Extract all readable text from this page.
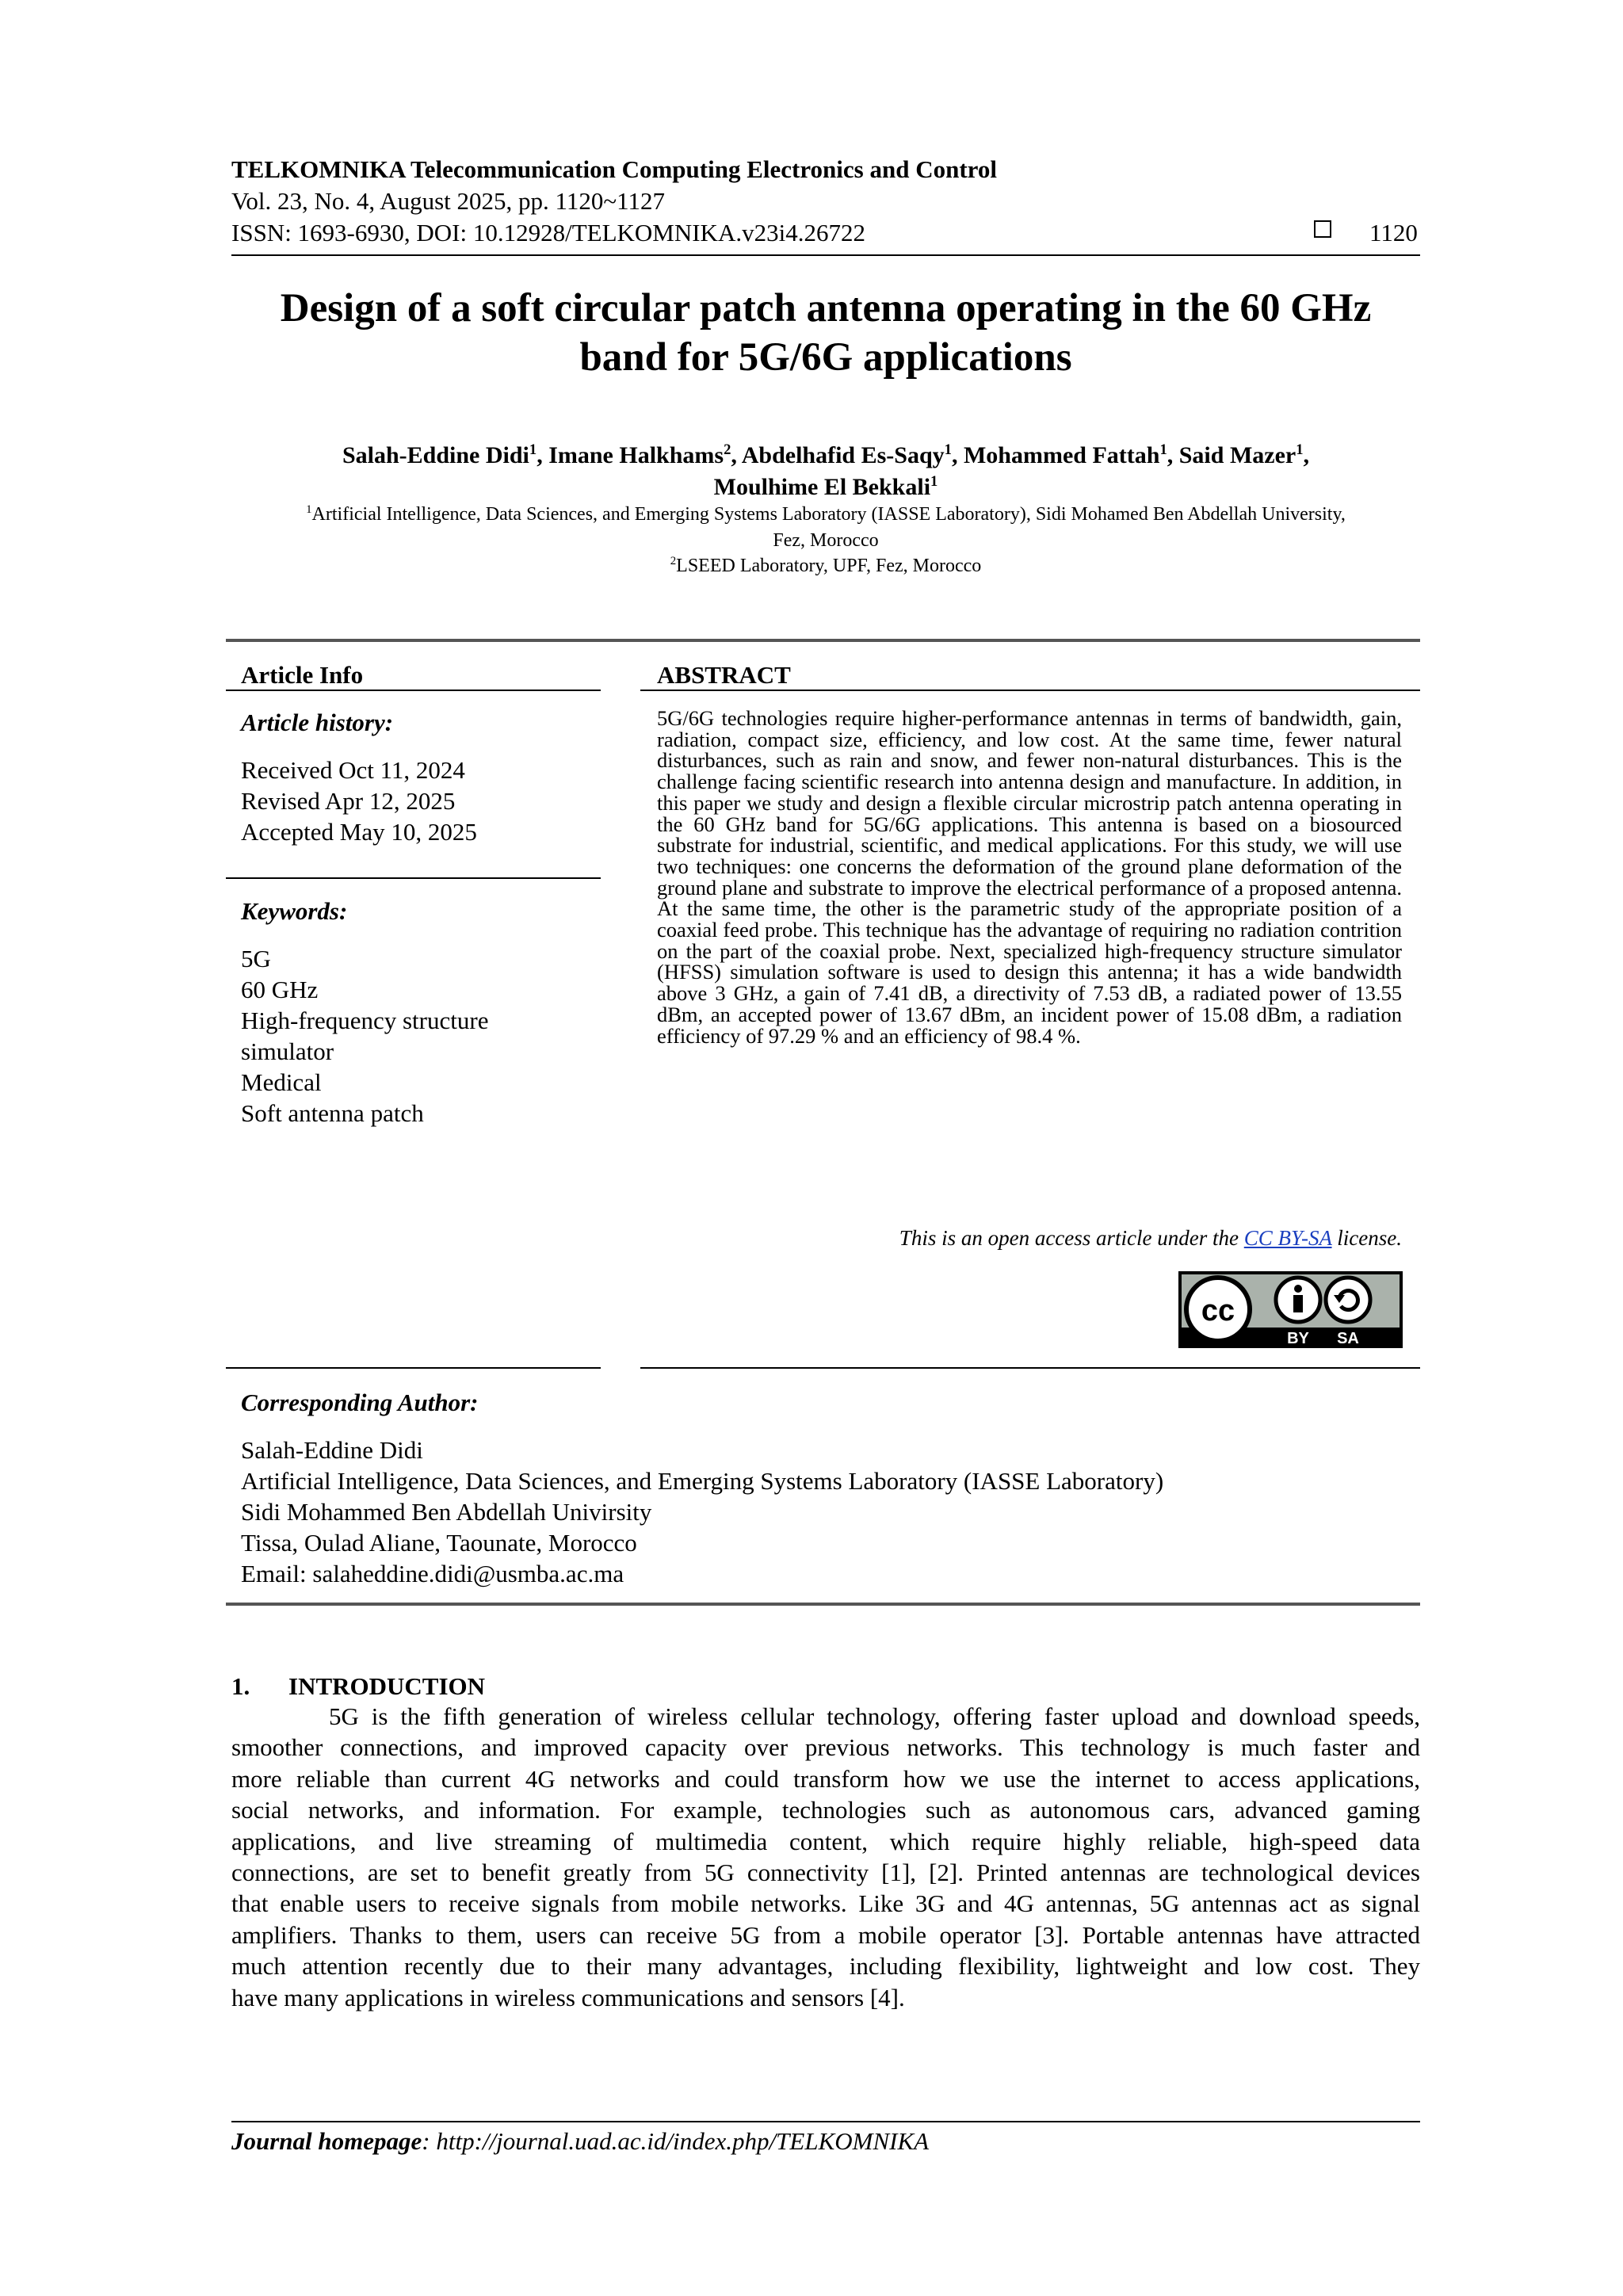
TELKOMNIKA Telecommunication Computing Electronics and Control
Vol. 23, No. 4, August 2025, pp. 1120~1127
ISSN: 1693-6930, DOI: 10.12928/TELKOMNIKA.v23i4.26722	1120
Design of a soft circular patch antenna operating in the 60 GHz
band for 5G/6G applications
Salah-Eddine Didi$^1$, Imane Halkhams$^2$, Abdelhafid Es-Saqy$^1$, Mohammed Fattah$^1$, Said Mazer$^1$,
Moulhime El Bekkali$^1$
$^1$Artificial Intelligence, Data Sciences, and Emerging Systems Laboratory (IASSE Laboratory), Sidi Mohamed Ben Abdellah University,
Fez, Morocco
$^2$LSEED Laboratory, UPF, Fez, Morocco
Article Info
Article history:
Received Oct 11, 2024
Revised Apr 12, 2025
Accepted May 10, 2025
Keywords:
5G
60 GHz
High-frequency structure
simulator
Medical
Soft antenna patch
ABSTRACT
5G/6G technologies require higher-performance antennas in terms of bandwidth, gain, radiation, compact size, efficiency, and low cost. At the same time, fewer natural disturbances, such as rain and snow, and fewer non-natural disturbances. This is the challenge facing scientific research into antenna design and manufacture. In addition, in this paper we study and design a flexible circular microstrip patch antenna operating in the 60 GHz band for 5G/6G applications. This antenna is based on a biosourced substrate for industrial, scientific, and medical applications. For this study, we will use two techniques: one concerns the deformation of the ground plane deformation of the ground plane and substrate to improve the electrical performance of a proposed antenna. At the same time, the other is the parametric study of the appropriate position of a coaxial feed probe. This technique has the advantage of requiring no radiation contrition on the part of the coaxial probe. Next, specialized high-frequency structure simulator (HFSS) simulation software is used to design this antenna; it has a wide bandwidth above 3 GHz, a gain of 7.41 dB, a directivity of 7.53 dB, a radiated power of 13.55 dBm, an accepted power of 13.67 dBm, an incident power of 15.08 dBm, a radiation efficiency of 97.29 % and an efficiency of 98.4 %.
This is an open access article under the CC BY-SA license.
cc
BY SA
Corresponding Author:
Salah-Eddine Didi
Artificial Intelligence, Data Sciences, and Emerging Systems Laboratory (IASSE Laboratory)
Sidi Mohammed Ben Abdellah Univirsity
Tissa, Oulad Aliane, Taounate, Morocco
Email: salaheddine.didi@usmba.ac.ma
1. INTRODUCTION
5G is the fifth generation of wireless cellular technology, offering faster upload and download speeds,
smoother connections, and improved capacity over previous networks. This technology is much faster and
more reliable than current 4G networks and could transform how we use the internet to access applications,
social networks, and information. For example, technologies such as autonomous cars, advanced gaming
applications, and live streaming of multimedia content, which require highly reliable, high-speed data
connections, are set to benefit greatly from 5G connectivity [1], [2]. Printed antennas are technological devices
that enable users to receive signals from mobile networks. Like 3G and 4G antennas, 5G antennas act as signal
amplifiers. Thanks to them, users can receive 5G from a mobile operator [3]. Portable antennas have attracted
much attention recently due to their many advantages, including flexibility, lightweight and low cost. They
have many applications in wireless communications and sensors [4].
Journal homepage: http://journal.uad.ac.id/index.php/TELKOMNIKA
